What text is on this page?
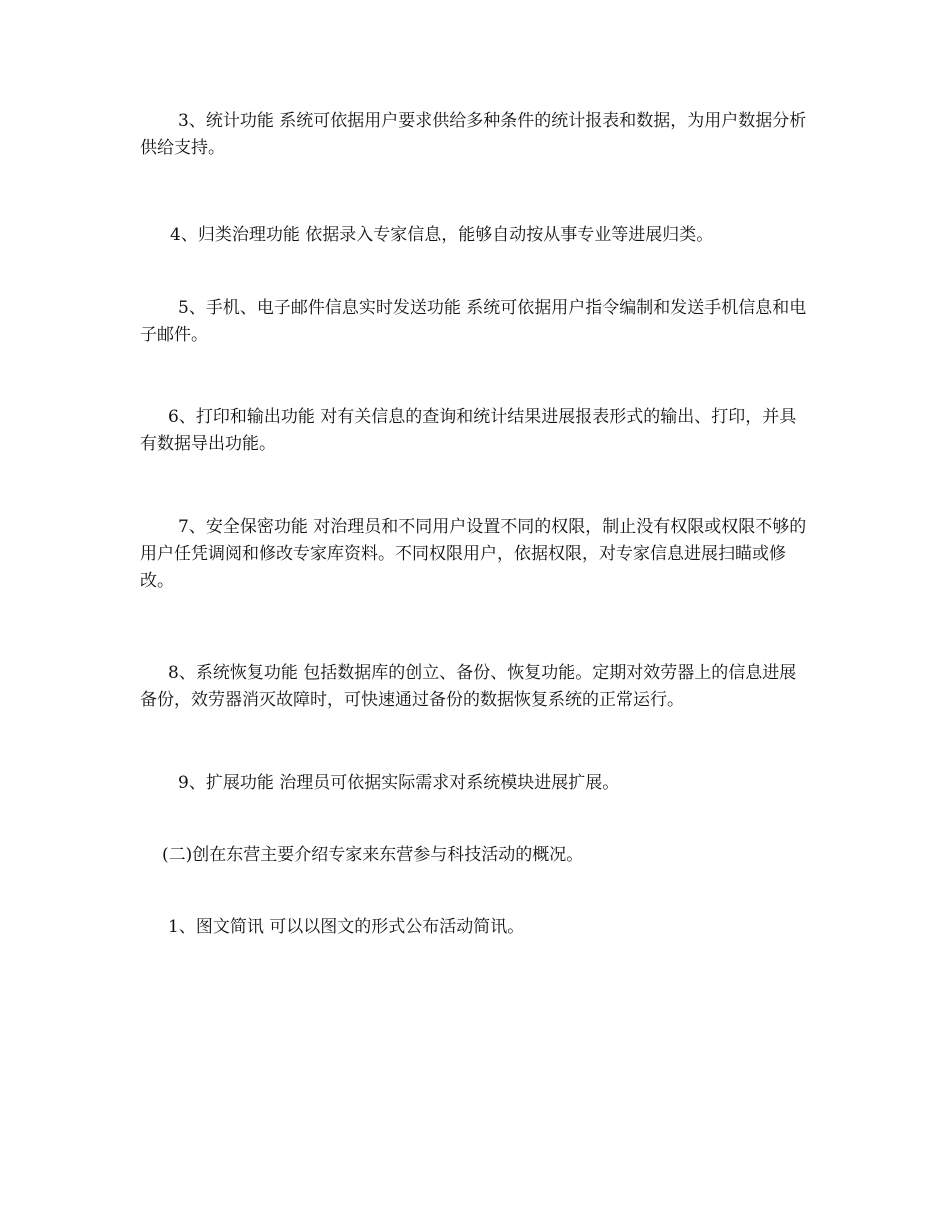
3、统计功能 系统可依据用户要求供给多种条件的统计报表和数据，为用户数据分析供给支持。

4、归类治理功能 依据录入专家信息，能够自动按从事专业等进展归类。

5、手机、电子邮件信息实时发送功能 系统可依据用户指令编制和发送手机信息和电子邮件。

6、打印和输出功能 对有关信息的查询和统计结果进展报表形式的输出、打印，并具有数据导出功能。

7、安全保密功能 对治理员和不同用户设置不同的权限，制止没有权限或权限不够的用户任凭调阅和修改专家库资料。不同权限用户，依据权限，对专家信息进展扫瞄或修改。

8、系统恢复功能 包括数据库的创立、备份、恢复功能。定期对效劳器上的信息进展备份，效劳器消灭故障时，可快速通过备份的数据恢复系统的正常运行。

9、扩展功能 治理员可依据实际需求对系统模块进展扩展。

(二)创在东营主要介绍专家来东营参与科技活动的概况。

1、图文简讯 可以以图文的形式公布活动简讯。
